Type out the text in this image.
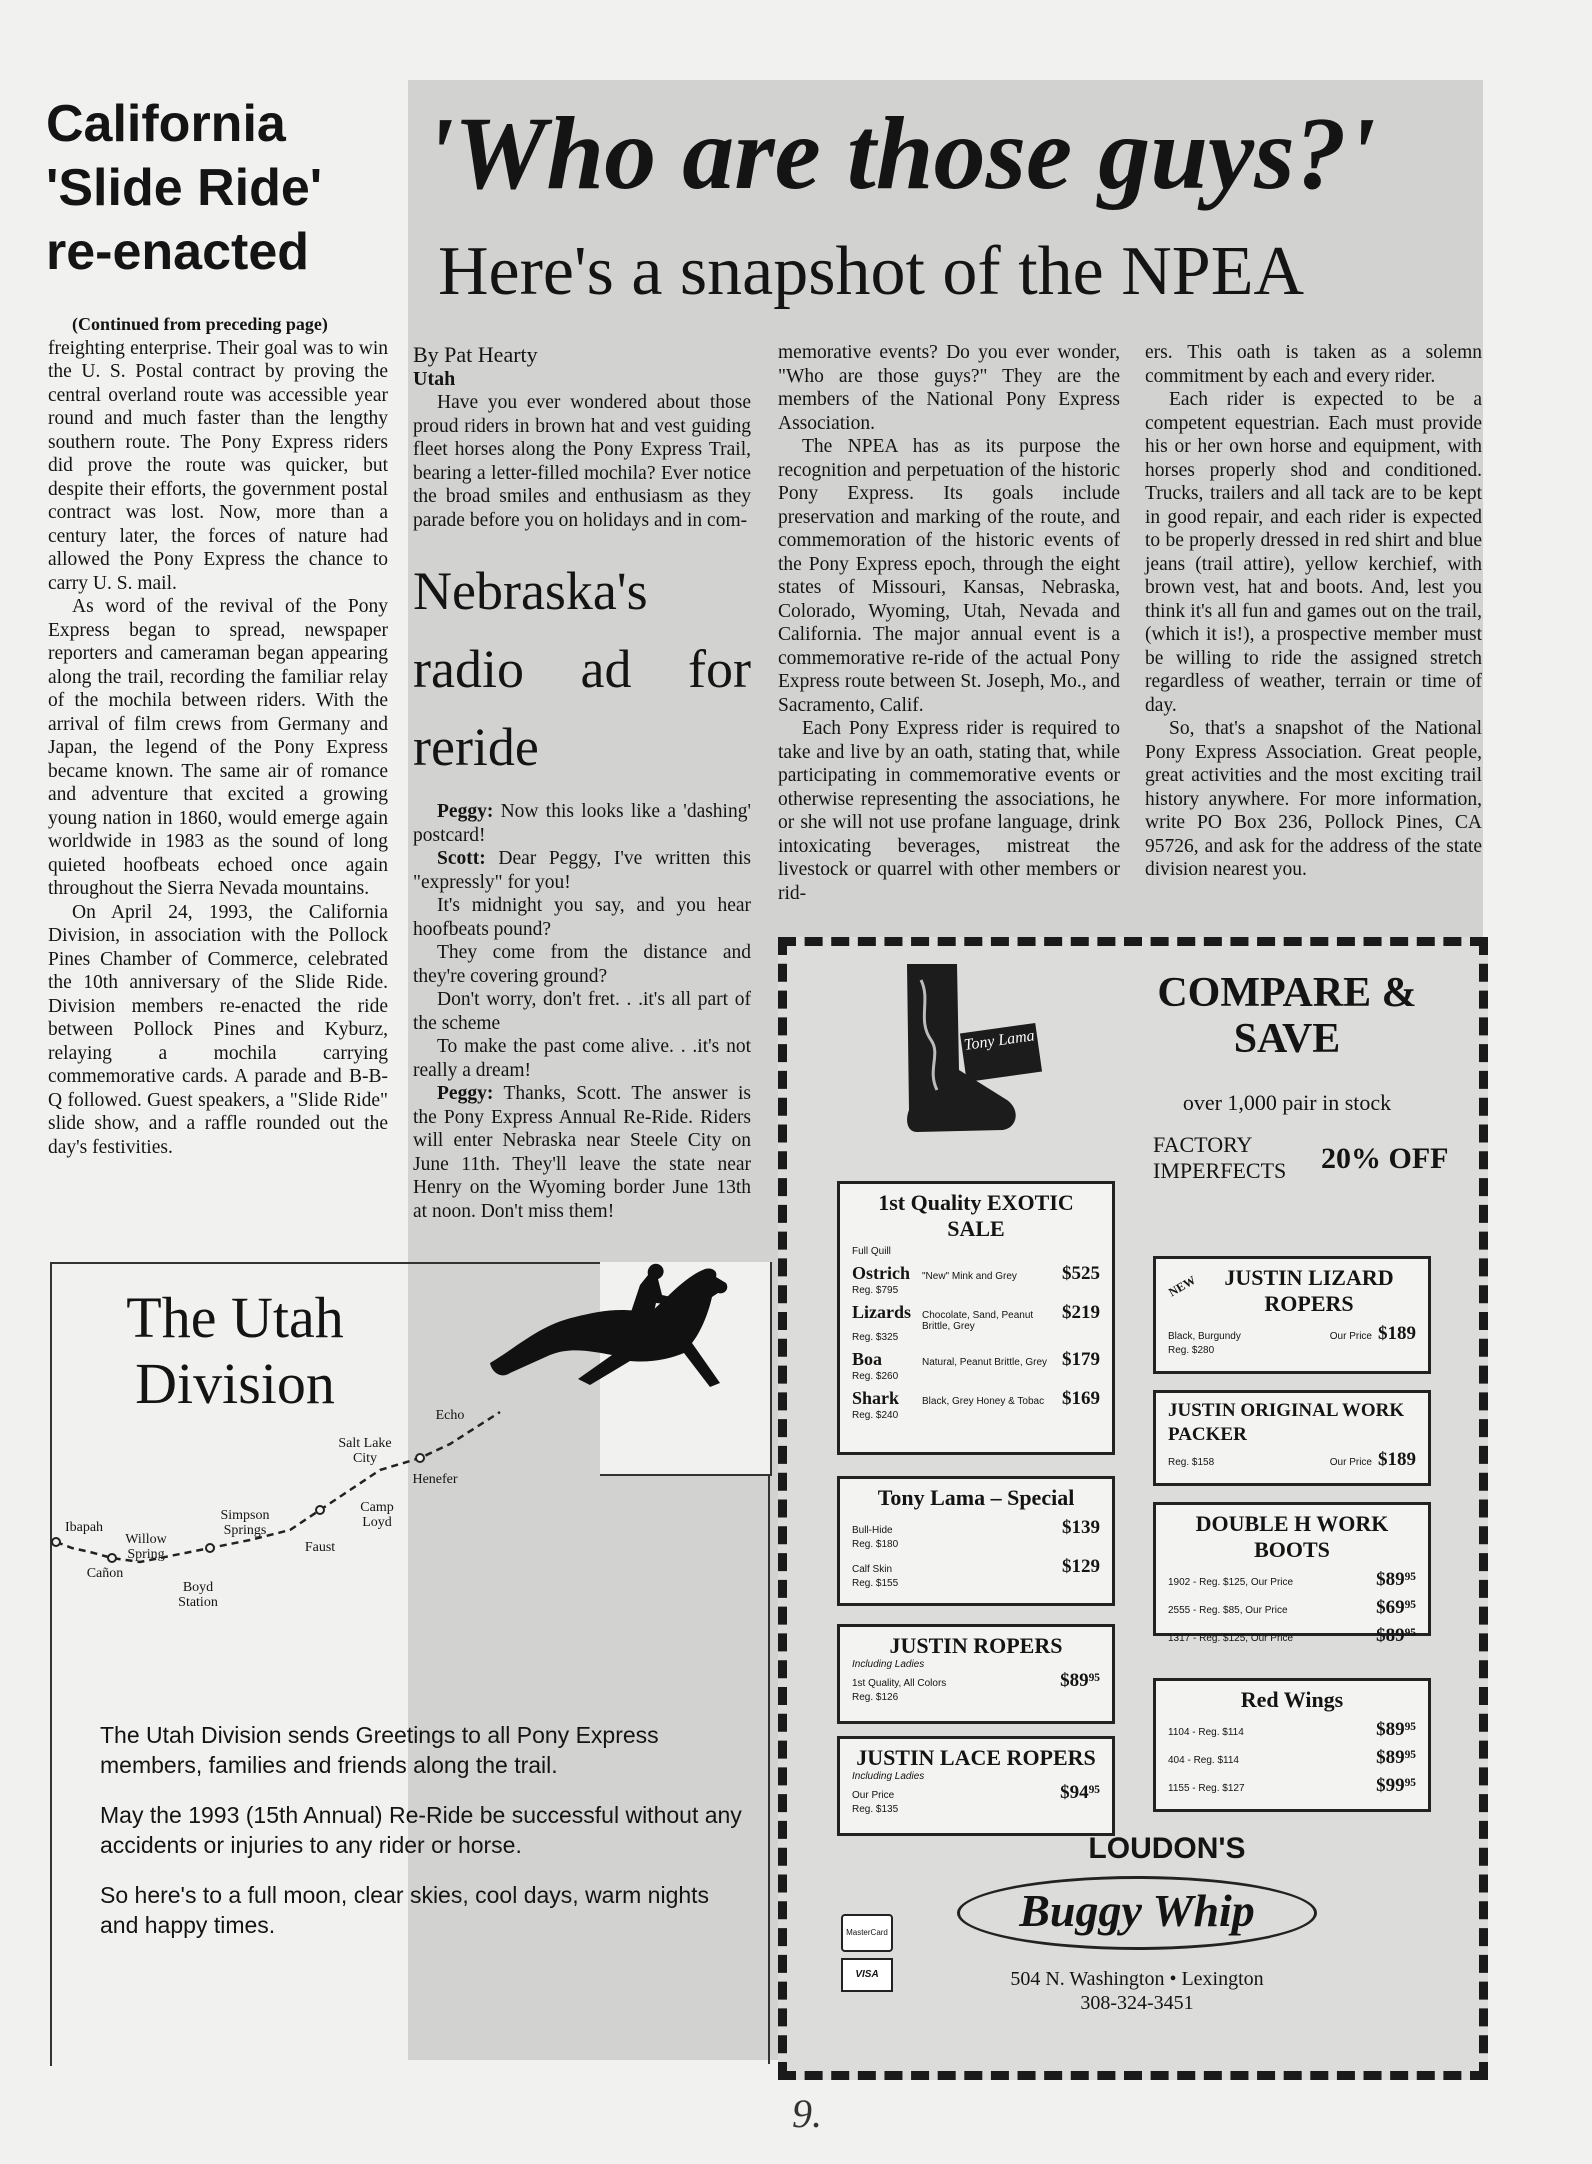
California 'Slide Ride' re-enacted

(Continued from preceding page)

freighting enterprise. Their goal was to win the U. S. Postal contract by proving the central overland route was accessible year round and much faster than the lengthy southern route. The Pony Express riders did prove the route was quicker, but despite their efforts, the government postal contract was lost. Now, more than a century later, the forces of nature had allowed the Pony Express the chance to carry U. S. mail.

As word of the revival of the Pony Express began to spread, newspaper reporters and cameraman began appearing along the trail, recording the familiar relay of the mochila between riders. With the arrival of film crews from Germany and Japan, the legend of the Pony Express became known. The same air of romance and adventure that excited a growing young nation in 1860, would emerge again worldwide in 1983 as the sound of long quieted hoofbeats echoed once again throughout the Sierra Nevada mountains.

On April 24, 1993, the California Division, in association with the Pollock Pines Chamber of Commerce, celebrated the 10th anniversary of the Slide Ride. Division members re-enacted the ride between Pollock Pines and Kyburz, relaying a mochila carrying commemorative cards. A parade and B-B-Q followed. Guest speakers, a "Slide Ride" slide show, and a raffle rounded out the day's festivities.

'Who are those guys?'
Here's a snapshot of the NPEA
By Pat Hearty
Utah

Have you ever wondered about those proud riders in brown hat and vest guiding fleet horses along the Pony Express Trail, bearing a letter-filled mochila? Ever notice the broad smiles and enthusiasm as they parade before you on holidays and in com-

Nebraska's radio ad for reride

Peggy: Now this looks like a 'dashing' postcard!

Scott: Dear Peggy, I've written this "expressly" for you!

It's midnight you say, and you hear hoofbeats pound?

They come from the distance and they're covering ground?

Don't worry, don't fret. . .it's all part of the scheme

To make the past come alive. . .it's not really a dream!

Peggy: Thanks, Scott. The answer is the Pony Express Annual Re-Ride. Riders will enter Nebraska near Steele City on June 11th. They'll leave the state near Henry on the Wyoming border June 13th at noon. Don't miss them!

memorative events? Do you ever wonder, "Who are those guys?" They are the members of the National Pony Express Association.

The NPEA has as its purpose the recognition and perpetuation of the historic Pony Express. Its goals include preservation and marking of the route, and commemoration of the historic events of the Pony Express epoch, through the eight states of Missouri, Kansas, Nebraska, Colorado, Wyoming, Utah, Nevada and California. The major annual event is a commemorative re-ride of the actual Pony Express route between St. Joseph, Mo., and Sacramento, Calif.

Each Pony Express rider is required to take and live by an oath, stating that, while participating in commemorative events or otherwise representing the associations, he or she will not use profane language, drink intoxicating beverages, mistreat the livestock or quarrel with other members or rid-

ers. This oath is taken as a solemn commitment by each and every rider.

Each rider is expected to be a competent equestrian. Each must provide his or her own horse and equipment, with horses properly shod and conditioned. Trucks, trailers and all tack are to be kept in good repair, and each rider is expected to be properly dressed in red shirt and blue jeans (trail attire), yellow kerchief, with brown vest, hat and boots. And, lest you think it's all fun and games out on the trail, (which it is!), a prospective member must be willing to ride the assigned stretch regardless of weather, terrain or time of day.

So, that's a snapshot of the National Pony Express Association. Great people, great activities and the most exciting trail history anywhere. For more information, write PO Box 236, Pollock Pines, CA 95726, and ask for the address of the state division nearest you.

The Utah Division	Echo
Salt Lake City
Henefer
Camp Loyd
Simpson Springs
Faust
Ibapah
Willow Spring
Cañon
Boyd Station

The Utah Division sends Greetings to all Pony Express members, families and friends along the trail.

May the 1993 (15th Annual) Re-Ride be successful without any accidents or injuries to any rider or horse.

So here's to a full moon, clear skies, cool days, warm nights and happy times.

Tony Lama
COMPARE & SAVE
over 1,000 pair in stock
FACTORY IMPERFECTS 20% OFF
1st Quality EXOTIC SALE
Full Quill
Ostrich	"New" Mink and Grey	$525
Reg. $795
Lizards	Chocolate, Sand, Peanut Brittle, Grey
$219
Reg. $325
Boa	Natural, Peanut Brittle, Grey $179
Reg. $260
Shark	Black, Grey Honey & Tobac $169
Reg. $240
Tony Lama – Special
Bull-Hide	$139
Reg. $180
Calf Skin	$129
Reg. $155
JUSTIN ROPERS
Including Ladies
1st Quality, All Colors	$89⁹⁵
Reg. $126
JUSTIN LACE ROPERS
Including Ladies
Our Price	$94⁹⁵
Reg. $135
NEW	JUSTIN LIZARD ROPERS
Black, Burgundy	Our Price $189
Reg. $280
JUSTIN ORIGINAL WORK PACKER
Reg. $158	Our Price $189
DOUBLE H WORK BOOTS
1902 - Reg. $125, Our Price	$89⁹⁵
2555 - Reg. $85, Our Price	$69⁹⁵
1317 - Reg. $125, Our Price	$89⁹⁵
Red Wings
1104 - Reg. $114	$89⁹⁵
404 - Reg. $114	$89⁹⁵
1155 - Reg. $127	$99⁹⁵
MasterCard
VISA
LOUDON'S
Buggy Whip
504 N. Washington • Lexington
308-324-3451
9.
